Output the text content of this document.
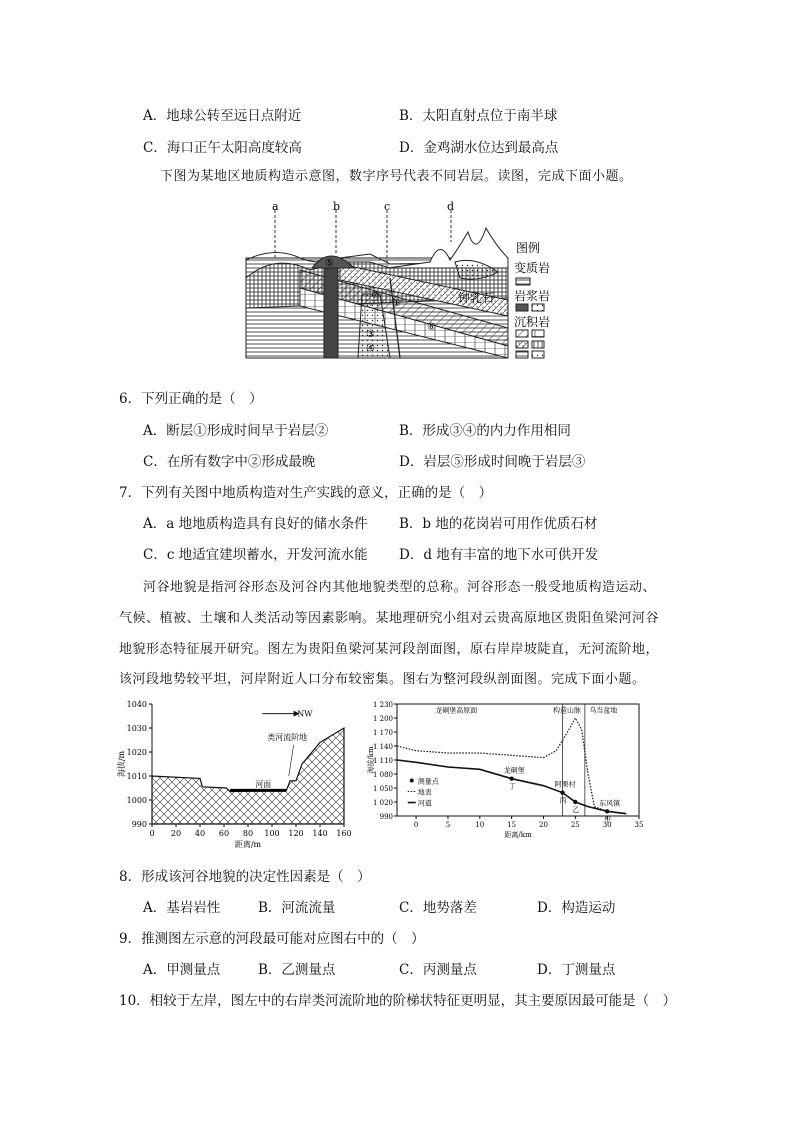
A．地球公转至远日点附近	B．太阳直射点位于南半球
C．海口正午太阳高度较高	D．金鸡湖水位达到最高点
下图为某地区地质构造示意图，数字序号代表不同岩层。读图，完成下面小题。
a	b	c	d
⑤
②
③
④
①
⑥
钟乳石
图例
变质岩
岩浆岩
沉积岩
6．下列正确的是（　）
A．断层①形成时间早于岩层②	B．形成③④的内力作用相同
C．在所有数字中②形成最晚	D．岩层⑤形成时间晚于岩层③
7．下列有关图中地质构造对生产实践的意义，正确的是（　）
A．a 地地质构造具有良好的储水条件 B．b 地的花岗岩可用作优质石材
C．c 地适宜建坝蓄水，开发河流水能 D．d 地有丰富的地下水可供开发
河谷地貌是指河谷形态及河谷内其他地貌类型的总称。河谷形态一般受地质构造运动、
气候、植被、土壤和人类活动等因素影响。某地理研究小组对云贵高原地区贵阳鱼梁河河谷
地貌形态特征展开研究。图左为贵阳鱼梁河某河段剖面图，原右岸岸坡陡直，无河流阶地，
该河段地势较平坦，河岸附近人口分布较密集。图右为整河段纵剖面图。完成下面小题。
990
1000
1010
1020
1030
1040
0 20 40 60 80 100 120 140 160
距离/m
海拔/m
NW
类河流阶地
河面	丁
龙硐堡
丙
阿栗村
乙
甲
东风镇
990
1 020
1 050
1 080
1 110
1 140
1 170
1 200
1 230
0	5	10	15	20	25	30	35
距离/km
海拔/km
龙硐堡高原面	构造山脉 乌当盆地
测量点
地表
河道
8．形成该河谷地貌的决定性因素是（　）
A．基岩岩性	B．河流流量	C．地势落差	D．构造运动
9．推测图左示意的河段最可能对应图右中的（　）
A．甲测量点	B．乙测量点	C．丙测量点	D．丁测量点
10．相较于左岸，图左中的右岸类河流阶地的阶梯状特征更明显，其主要原因最可能是（　）
